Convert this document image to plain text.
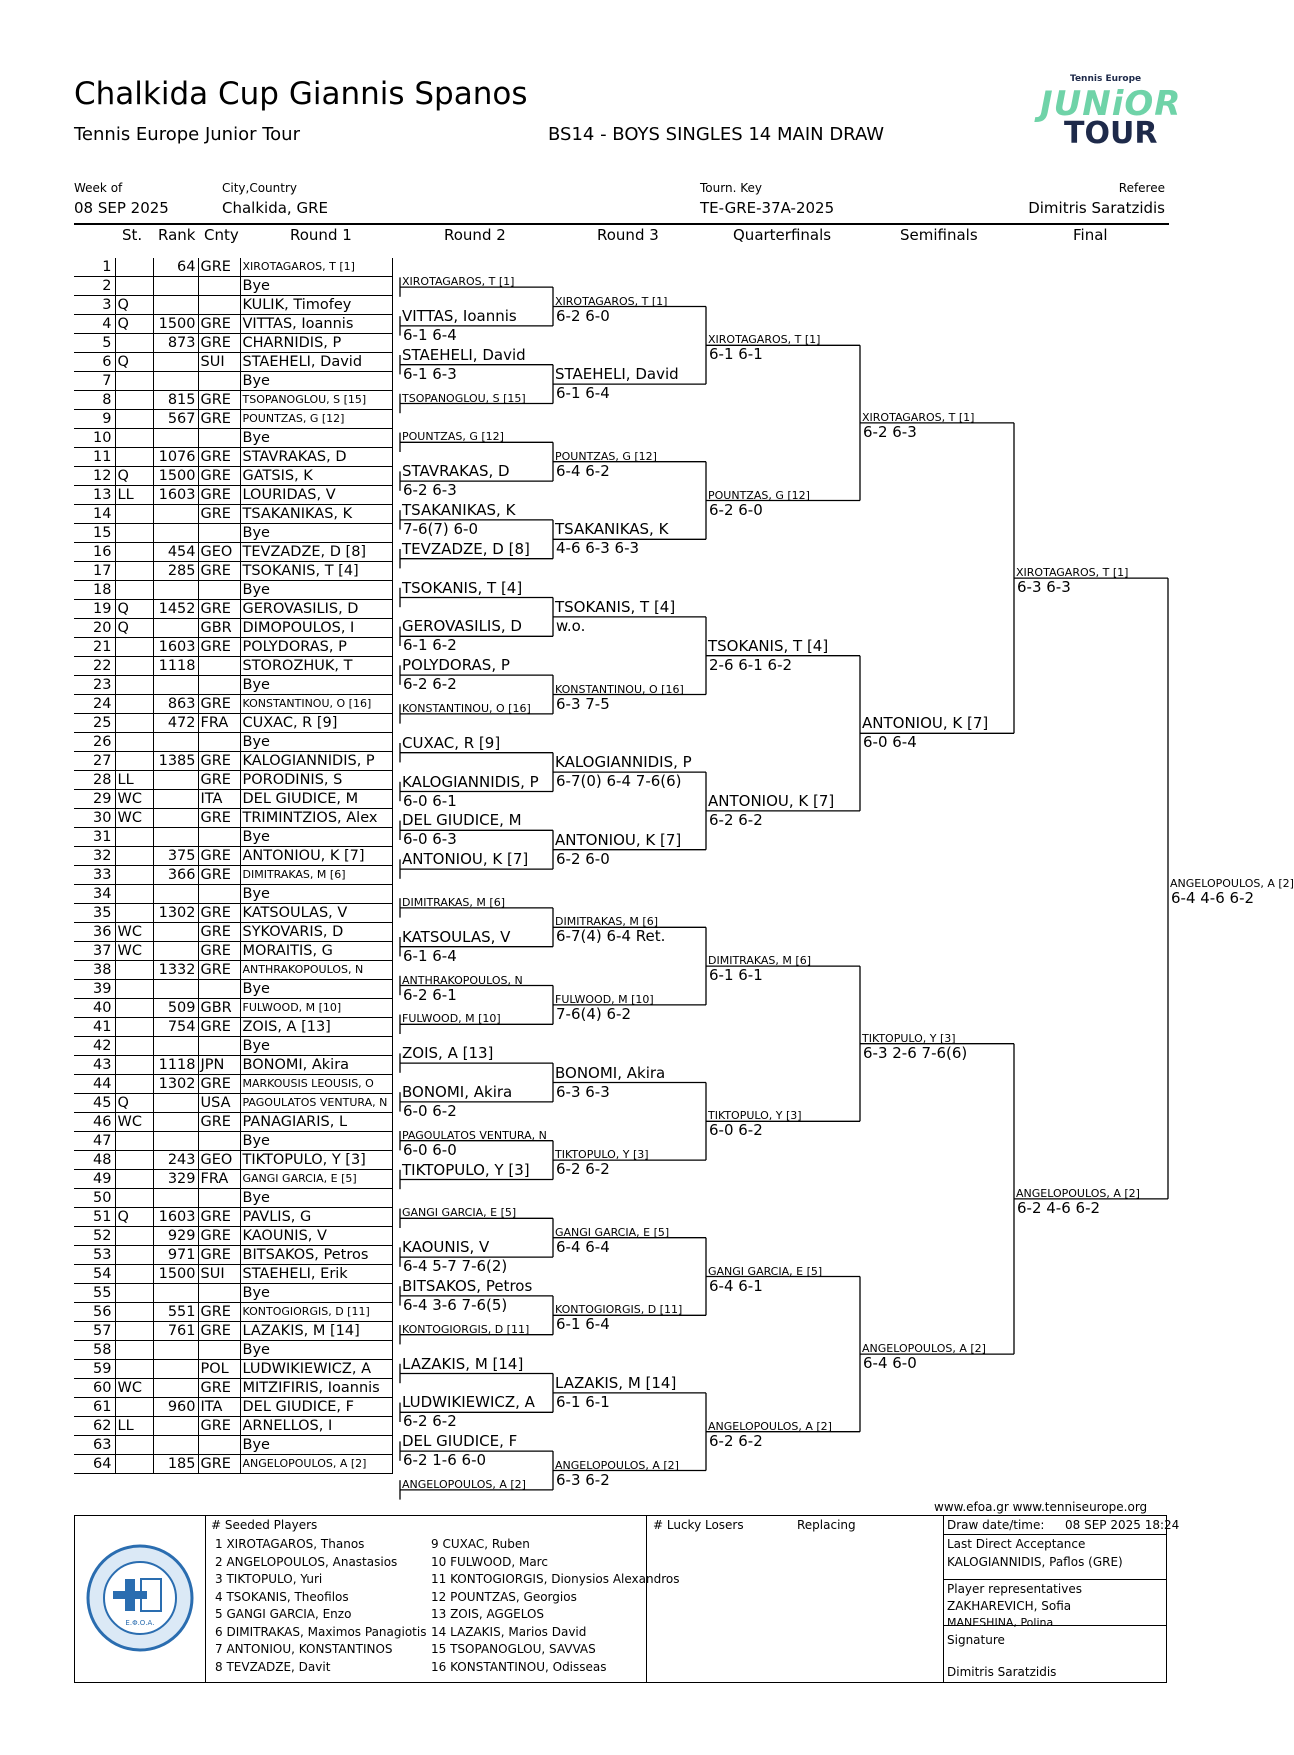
Chalkida Cup Giannis Spanos
Tennis Europe Junior Tour	BS14 - BOYS SINGLES 14 MAIN DRAW
Tennis Europe
JUNiOR
TOUR
Week of
08 SEP 2025
City,Country
Chalkida, GRE
Tourn. Key
TE-GRE-37A-2025
Referee
Dimitris Saratzidis
St. Rank Cnty	Round 1	Round 2	Round 3	Quarterfinals	Semifinals	Final
1		64	GRE	XIROTAGAROS, T [1]
2				Bye
3	Q			KULIK, Timofey
4	Q	1500	GRE	VITTAS, Ioannis
5		873	GRE	CHARNIDIS, P
6	Q		SUI	STAEHELI, David
7				Bye
8		815	GRE	TSOPANOGLOU, S [15]
9		567	GRE	POUNTZAS, G [12]
10				Bye
11		1076	GRE	STAVRAKAS, D
12	Q	1500	GRE	GATSIS, K
13	LL	1603	GRE	LOURIDAS, V
14			GRE	TSAKANIKAS, K
15				Bye
16		454	GEO	TEVZADZE, D [8]
17		285	GRE	TSOKANIS, T [4]
18				Bye
19	Q	1452	GRE	GEROVASILIS, D
20	Q		GBR	DIMOPOULOS, I
21		1603	GRE	POLYDORAS, P
22		1118		STOROZHUK, T
23				Bye
24		863	GRE	KONSTANTINOU, O [16]
25		472	FRA	CUXAC, R [9]
26				Bye
27		1385	GRE	KALOGIANNIDIS, P
28	LL		GRE	PORODINIS, S
29	WC		ITA	DEL GIUDICE, M
30	WC		GRE	TRIMINTZIOS, Alex
31				Bye
32		375	GRE	ANTONIOU, K [7]
33		366	GRE	DIMITRAKAS, M [6]
34				Bye
35		1302	GRE	KATSOULAS, V
36	WC		GRE	SYKOVARIS, D
37	WC		GRE	MORAITIS, G
38		1332	GRE	ANTHRAKOPOULOS, N
39				Bye
40		509	GBR	FULWOOD, M [10]
41		754	GRE	ZOIS, A [13]
42				Bye
43		1118	JPN	BONOMI, Akira
44		1302	GRE	MARKOUSIS LEOUSIS, O
45	Q		USA	PAGOULATOS VENTURA, N
46	WC		GRE	PANAGIARIS, L
47				Bye
48		243	GEO	TIKTOPULO, Y [3]
49		329	FRA	GANGI GARCIA, E [5]
50				Bye
51	Q	1603	GRE	PAVLIS, G
52		929	GRE	KAOUNIS, V
53		971	GRE	BITSAKOS, Petros
54		1500	SUI	STAEHELI, Erik
55				Bye
56		551	GRE	KONTOGIORGIS, D [11]
57		761	GRE	LAZAKIS, M [14]
58				Bye
59			POL	LUDWIKIEWICZ, A
60	WC		GRE	MITZIFIRIS, Ioannis
61		960	ITA	DEL GIUDICE, F
62	LL		GRE	ARNELLOS, I
63				Bye
64		185	GRE	ANGELOPOULOS, A [2]
XIROTAGAROS, T [1]
VITTAS, Ioannis
6-1 6-4
STAEHELI, David
6-1 6-3
TSOPANOGLOU, S [15]
POUNTZAS, G [12]
STAVRAKAS, D
6-2 6-3
TSAKANIKAS, K
7-6(7) 6-0
TEVZADZE, D [8]
TSOKANIS, T [4]
GEROVASILIS, D
6-1 6-2
POLYDORAS, P
6-2 6-2
KONSTANTINOU, O [16]
CUXAC, R [9]
KALOGIANNIDIS, P
6-0 6-1
DEL GIUDICE, M
6-0 6-3
ANTONIOU, K [7]
DIMITRAKAS, M [6]
KATSOULAS, V
6-1 6-4
ANTHRAKOPOULOS, N
6-2 6-1
FULWOOD, M [10]
ZOIS, A [13]
BONOMI, Akira
6-0 6-2
PAGOULATOS VENTURA, N
6-0 6-0
TIKTOPULO, Y [3]
GANGI GARCIA, E [5]
KAOUNIS, V
6-4 5-7 7-6(2)
BITSAKOS, Petros
6-4 3-6 7-6(5)
KONTOGIORGIS, D [11]
LAZAKIS, M [14]
LUDWIKIEWICZ, A
6-2 6-2
DEL GIUDICE, F
6-2 1-6 6-0
ANGELOPOULOS, A [2]
XIROTAGAROS, T [1]
6-2 6-0
STAEHELI, David
6-1 6-4
POUNTZAS, G [12]
6-4 6-2
TSAKANIKAS, K
4-6 6-3 6-3
TSOKANIS, T [4]
w.o.
KONSTANTINOU, O [16]
6-3 7-5
KALOGIANNIDIS, P
6-7(0) 6-4 7-6(6)
ANTONIOU, K [7]
6-2 6-0
DIMITRAKAS, M [6]
6-7(4) 6-4 Ret.
FULWOOD, M [10]
7-6(4) 6-2
BONOMI, Akira
6-3 6-3
TIKTOPULO, Y [3]
6-2 6-2
GANGI GARCIA, E [5]
6-4 6-4
KONTOGIORGIS, D [11]
6-1 6-4
LAZAKIS, M [14]
6-1 6-1
ANGELOPOULOS, A [2]
6-3 6-2
XIROTAGAROS, T [1]
6-1 6-1
POUNTZAS, G [12]
6-2 6-0
TSOKANIS, T [4]
2-6 6-1 6-2
ANTONIOU, K [7]
6-2 6-2
DIMITRAKAS, M [6]
6-1 6-1
TIKTOPULO, Y [3]
6-0 6-2
GANGI GARCIA, E [5]
6-4 6-1
ANGELOPOULOS, A [2]
6-2 6-2
XIROTAGAROS, T [1]
6-2 6-3
ANTONIOU, K [7]
6-0 6-4
TIKTOPULO, Y [3]
6-3 2-6 7-6(6)
ANGELOPOULOS, A [2]
6-4 6-0
XIROTAGAROS, T [1]
6-3 6-3
ANGELOPOULOS, A [2]
6-2 4-6 6-2
ANGELOPOULOS, A [2]
6-4 4-6 6-2
www.efoa.gr www.tenniseurope.org
Ε.Φ.Ο.Α.
# Seeded Players
1 XIROTAGAROS, Thanos
2 ANGELOPOULOS, Anastasios
3 TIKTOPULO, Yuri
4 TSOKANIS, Theofilos
5 GANGI GARCIA, Enzo
6 DIMITRAKAS, Maximos Panagiotis
7 ANTONIOU, KONSTANTINOS
8 TEVZADZE, Davit
9 CUXAC, Ruben
10 FULWOOD, Marc
11 KONTOGIORGIS, Dionysios Alexandros
12 POUNTZAS, Georgios
13 ZOIS, AGGELOS
14 LAZAKIS, Marios David
15 TSOPANOGLOU, SAVVAS
16 KONSTANTINOU, Odisseas
# Lucky Losers	Replacing	Draw date/time: 08 SEP 2025 18:24
Last Direct Acceptance
KALOGIANNIDIS, Paflos (GRE)
Player representatives
ZAKHAREVICH, Sofia
MANESHINA, Polina
Signature
Dimitris Saratzidis
